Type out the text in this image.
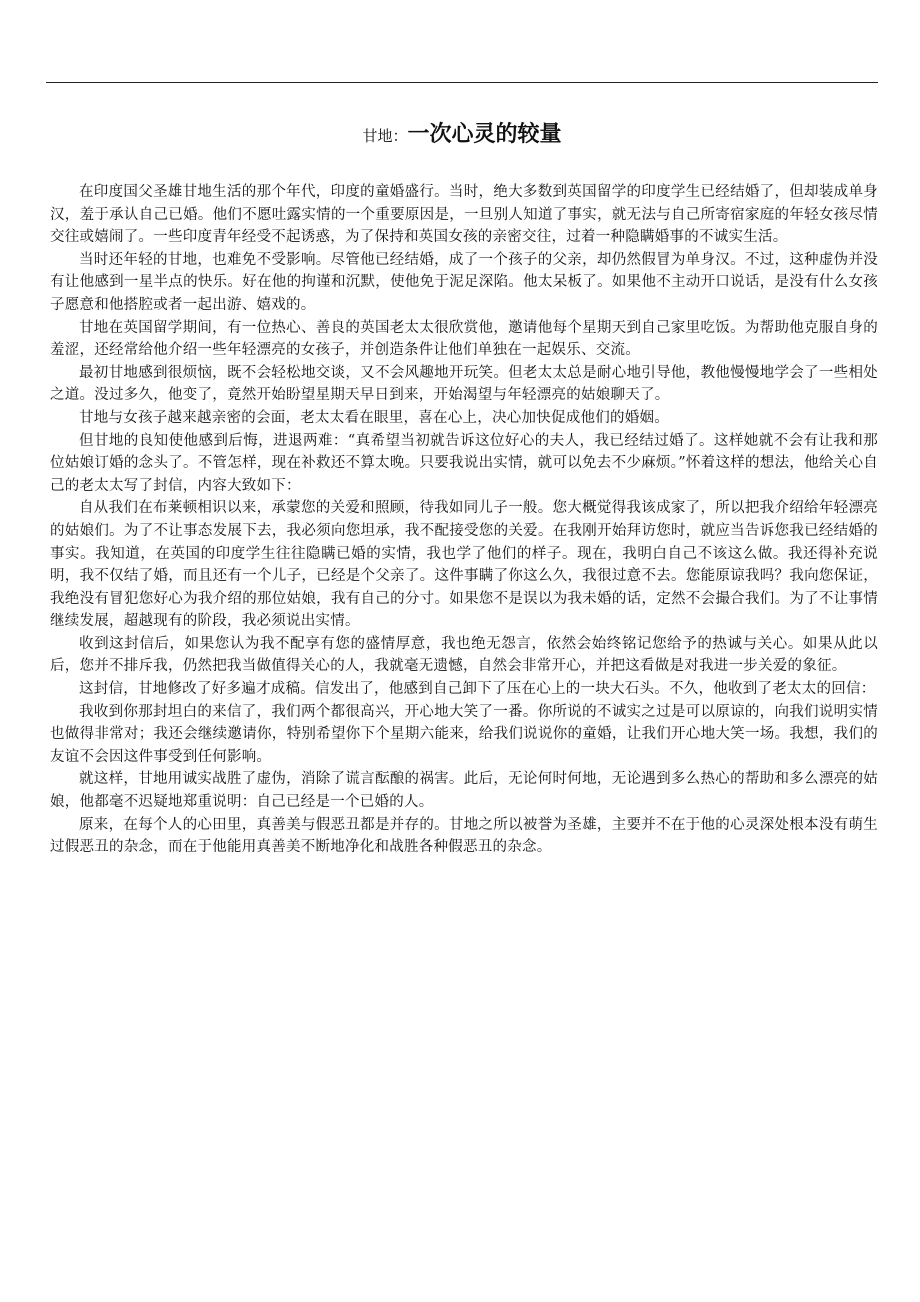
甘地：一次心灵的较量

在印度国父圣雄甘地生活的那个年代，印度的童婚盛行。当时，绝大多数到英国留学的印度学生已经结婚了，但却装成单身汉，羞于承认自己已婚。他们不愿吐露实情的一个重要原因是，一旦别人知道了事实，就无法与自己所寄宿家庭的年轻女孩尽情交往或嬉闹了。一些印度青年经受不起诱惑，为了保持和英国女孩的亲密交往，过着一种隐瞒婚事的不诚实生活。

当时还年轻的甘地，也难免不受影响。尽管他已经结婚，成了一个孩子的父亲，却仍然假冒为单身汉。不过，这种虚伪并没有让他感到一星半点的快乐。好在他的拘谨和沉默，使他免于泥足深陷。他太呆板了。如果他不主动开口说话，是没有什么女孩子愿意和他搭腔或者一起出游、嬉戏的。

甘地在英国留学期间，有一位热心、善良的英国老太太很欣赏他，邀请他每个星期天到自己家里吃饭。为帮助他克服自身的羞涩，还经常给他介绍一些年轻漂亮的女孩子，并创造条件让他们单独在一起娱乐、交流。

最初甘地感到很烦恼，既不会轻松地交谈，又不会风趣地开玩笑。但老太太总是耐心地引导他，教他慢慢地学会了一些相处之道。没过多久，他变了，竟然开始盼望星期天早日到来，开始渴望与年轻漂亮的姑娘聊天了。

甘地与女孩子越来越亲密的会面，老太太看在眼里，喜在心上，决心加快促成他们的婚姻。

但甘地的良知使他感到后悔，进退两难：“真希望当初就告诉这位好心的夫人，我已经结过婚了。这样她就不会有让我和那位姑娘订婚的念头了。不管怎样，现在补救还不算太晚。只要我说出实情，就可以免去不少麻烦。”怀着这样的想法，他给关心自己的老太太写了封信，内容大致如下：

自从我们在布莱顿相识以来，承蒙您的关爱和照顾，待我如同儿子一般。您大概觉得我该成家了，所以把我介绍给年轻漂亮的姑娘们。为了不让事态发展下去，我必须向您坦承，我不配接受您的关爱。在我刚开始拜访您时，就应当告诉您我已经结婚的事实。我知道，在英国的印度学生往往隐瞒已婚的实情，我也学了他们的样子。现在，我明白自己不该这么做。我还得补充说明，我不仅结了婚，而且还有一个儿子，已经是个父亲了。这件事瞒了你这么久，我很过意不去。您能原谅我吗？我向您保证，我绝没有冒犯您好心为我介绍的那位姑娘，我有自己的分寸。如果您不是误以为我未婚的话，定然不会撮合我们。为了不让事情继续发展，超越现有的阶段，我必须说出实情。

收到这封信后，如果您认为我不配享有您的盛情厚意，我也绝无怨言，依然会始终铭记您给予的热诚与关心。如果从此以后，您并不排斥我，仍然把我当做值得关心的人，我就毫无遗憾，自然会非常开心，并把这看做是对我进一步关爱的象征。

这封信，甘地修改了好多遍才成稿。信发出了，他感到自己卸下了压在心上的一块大石头。不久，他收到了老太太的回信：

我收到你那封坦白的来信了，我们两个都很高兴，开心地大笑了一番。你所说的不诚实之过是可以原谅的，向我们说明实情也做得非常对；我还会继续邀请你，特别希望你下个星期六能来，给我们说说你的童婚，让我们开心地大笑一场。我想，我们的友谊不会因这件事受到任何影响。

就这样，甘地用诚实战胜了虚伪，消除了谎言酝酿的祸害。此后，无论何时何地，无论遇到多么热心的帮助和多么漂亮的姑娘，他都毫不迟疑地郑重说明：自己已经是一个已婚的人。

原来，在每个人的心田里，真善美与假恶丑都是并存的。甘地之所以被誉为圣雄，主要并不在于他的心灵深处根本没有萌生过假恶丑的杂念，而在于他能用真善美不断地净化和战胜各种假恶丑的杂念。
